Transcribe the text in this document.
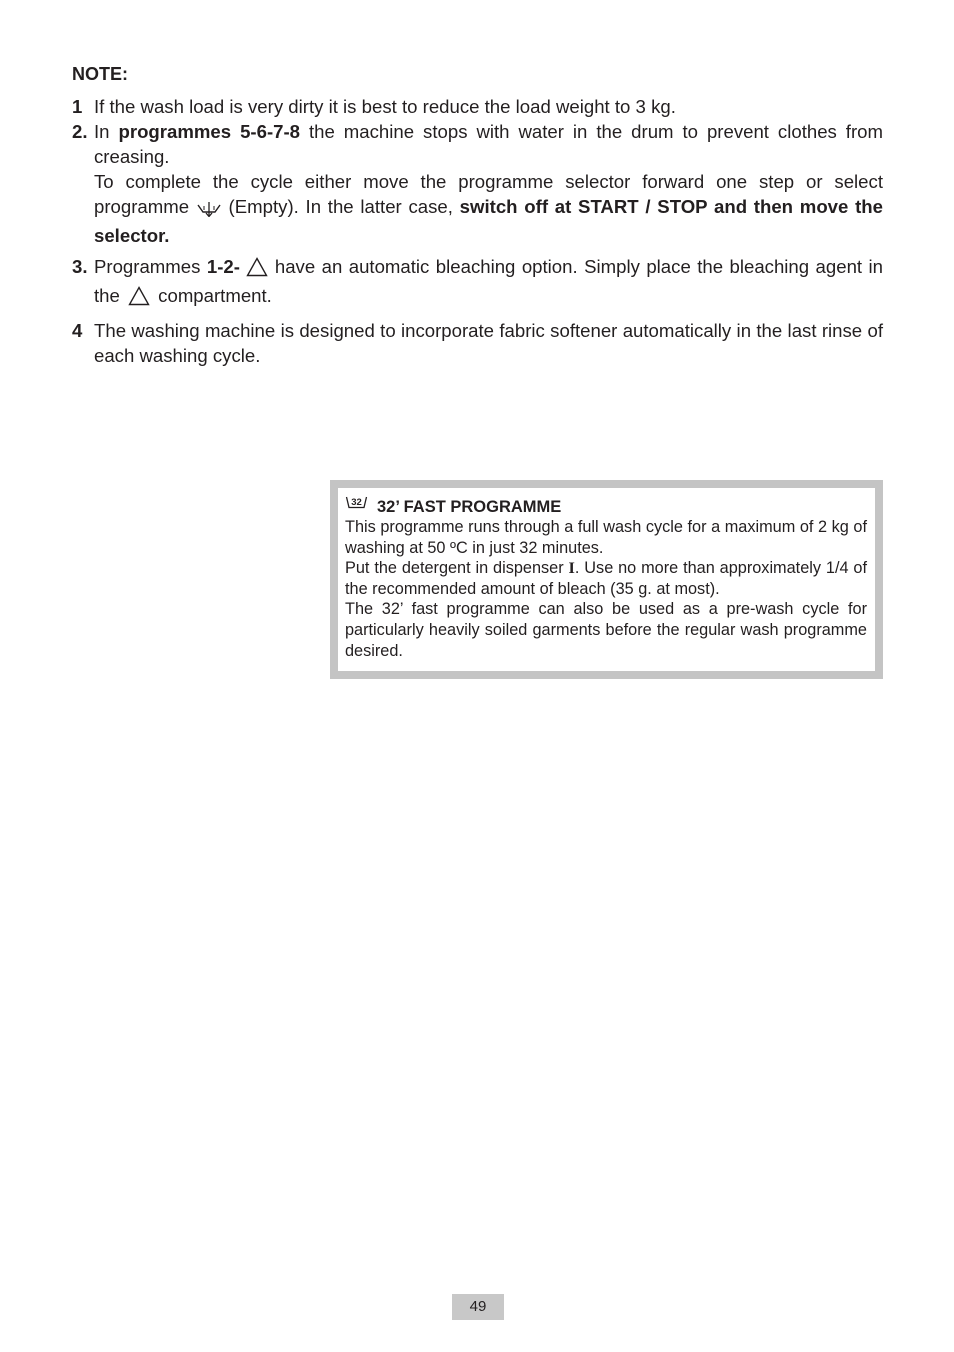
NOTE:
1 If the wash load is very dirty it is best to reduce the load weight to 3 kg.

2. In programmes 5-6-7-8 the machine stops with water in the drum to prevent clothes from creasing.

To complete the cycle either move the programme selector forward one step or select programme  (Empty). In the latter case, switch off at START / STOP and then move the selector.

3. Programmes 1-2-  have an automatic bleaching option. Simply place the bleaching agent in the  compartment.

4 The washing machine is designed to incorporate fabric softener automatically in the last rinse of each washing cycle.

32 32’ FAST PROGRAMME

This programme runs through a full wash cycle for a maximum of 2 kg of washing at 50 ºC in just 32 minutes.

Put the detergent in dispenser I. Use no more than approximately 1/4 of the recommended amount of bleach (35 g. at most).

The 32’ fast programme can also be used as a pre-wash cycle for particularly heavily soiled garments before the regular wash programme desired.

49
